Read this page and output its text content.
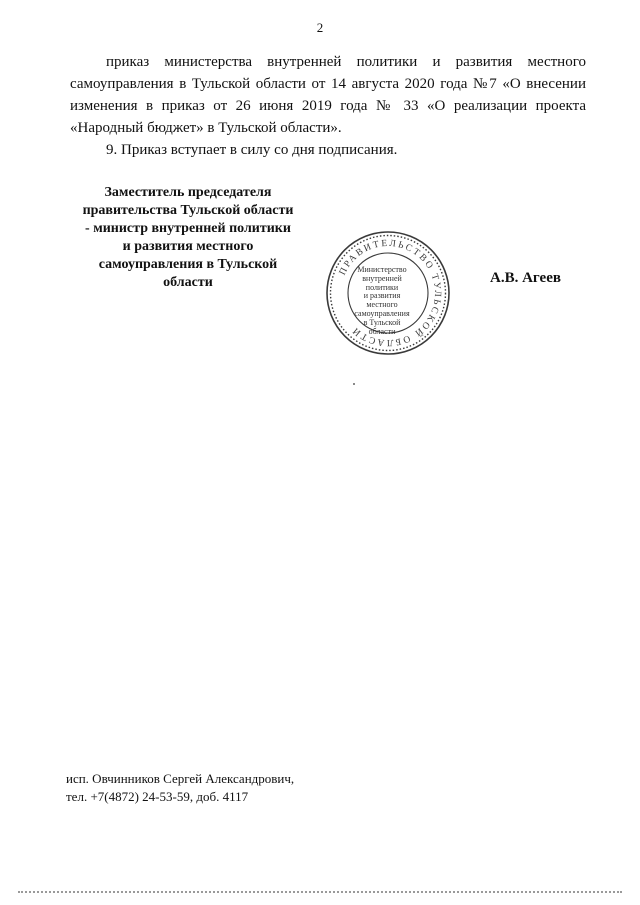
2

приказ министерства внутренней политики и развития местного самоуправления в Тульской области от 14 августа 2020 года №7 «О внесении изменения в приказ от 26 июня 2019 года № 33 «О реализации проекта «Народный бюджет» в Тульской области».

9. Приказ вступает в силу со дня подписания.

Заместитель председателя
правительства Тульской области
- министр внутренней политики
и развития местного
самоуправления в Тульской
области
ПРАВИТЕЛЬСТВО ТУЛЬСКОЙ ОБЛАСТИ
Министерство
внутренней
политики
и развития
местного
самоуправления
в Тульской
области
А.В. Агеев
исп. Овчинников Сергей Александрович,
тел. +7(4872) 24-53-59, доб. 4117
